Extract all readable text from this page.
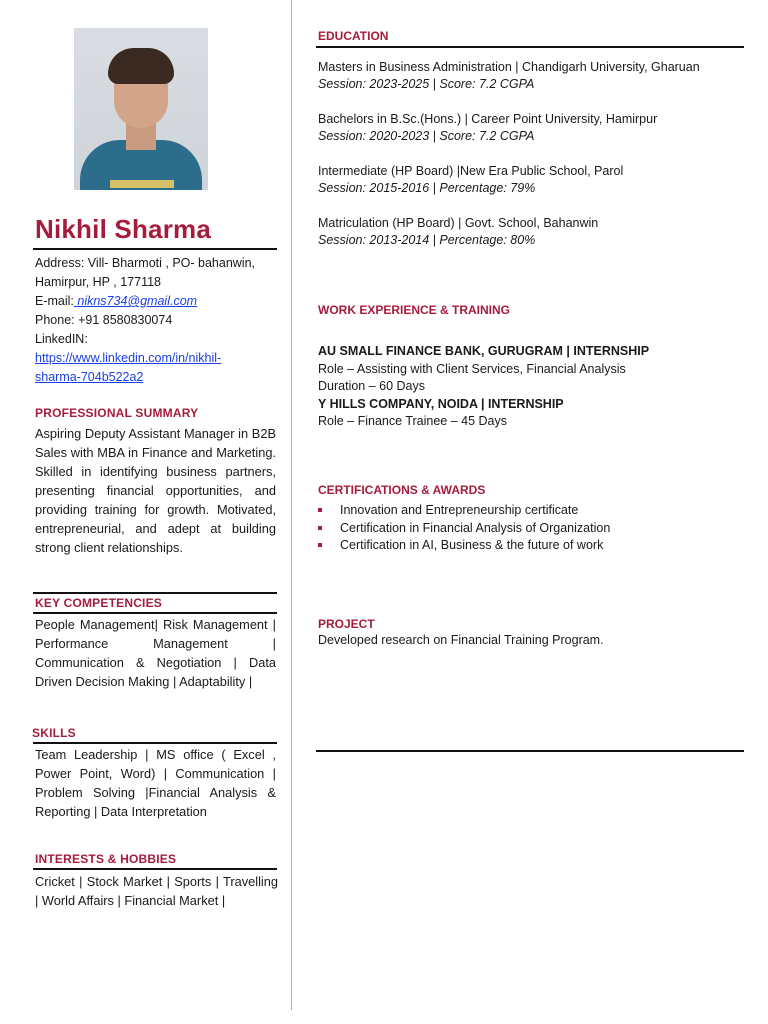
Nikhil Sharma
Address: Vill- Bharmoti , PO- bahanwin,
Hamirpur, HP , 177118
E-mail: nikns734@gmail.com
Phone: +91 8580830074
LinkedIN:
https://www.linkedin.com/in/nikhil-
sharma-704b522a2
PROFESSIONAL SUMMARY
Aspiring Deputy Assistant Manager in B2B Sales with MBA in Finance and Marketing. Skilled in identifying business partners, presenting financial opportunities, and providing training for growth. Motivated, entrepreneurial, and adept at building strong client relationships.
KEY COMPETENCIES
People Management| Risk Management | Performance Management | Communication & Negotiation | Data Driven Decision Making | Adaptability |
SKILLS
Team Leadership | MS office ( Excel , Power Point, Word) | Communication | Problem Solving |Financial Analysis & Reporting | Data Interpretation
INTERESTS & HOBBIES
Cricket | Stock Market | Sports | Travelling | World Affairs | Financial Market |
EDUCATION
Masters in Business Administration | Chandigarh University, Gharuan
Session: 2023-2025 | Score: 7.2 CGPA
Bachelors in B.Sc.(Hons.) | Career Point University, Hamirpur
Session: 2020-2023 | Score: 7.2 CGPA
Intermediate (HP Board) |New Era Public School, Parol
Session: 2015-2016 | Percentage: 79%
Matriculation (HP Board) | Govt. School, Bahanwin
Session: 2013-2014 | Percentage: 80%
WORK EXPERIENCE & TRAINING
AU SMALL FINANCE BANK, GURUGRAM | INTERNSHIP
Role – Assisting with Client Services, Financial Analysis
Duration – 60 Days
Y HILLS COMPANY, NOIDA | INTERNSHIP
Role – Finance Trainee – 45 Days
CERTIFICATIONS & AWARDS
Innovation and Entrepreneurship certificate
Certification in Financial Analysis of Organization
Certification in AI, Business & the future of work
PROJECT
Developed research on Financial Training Program.
